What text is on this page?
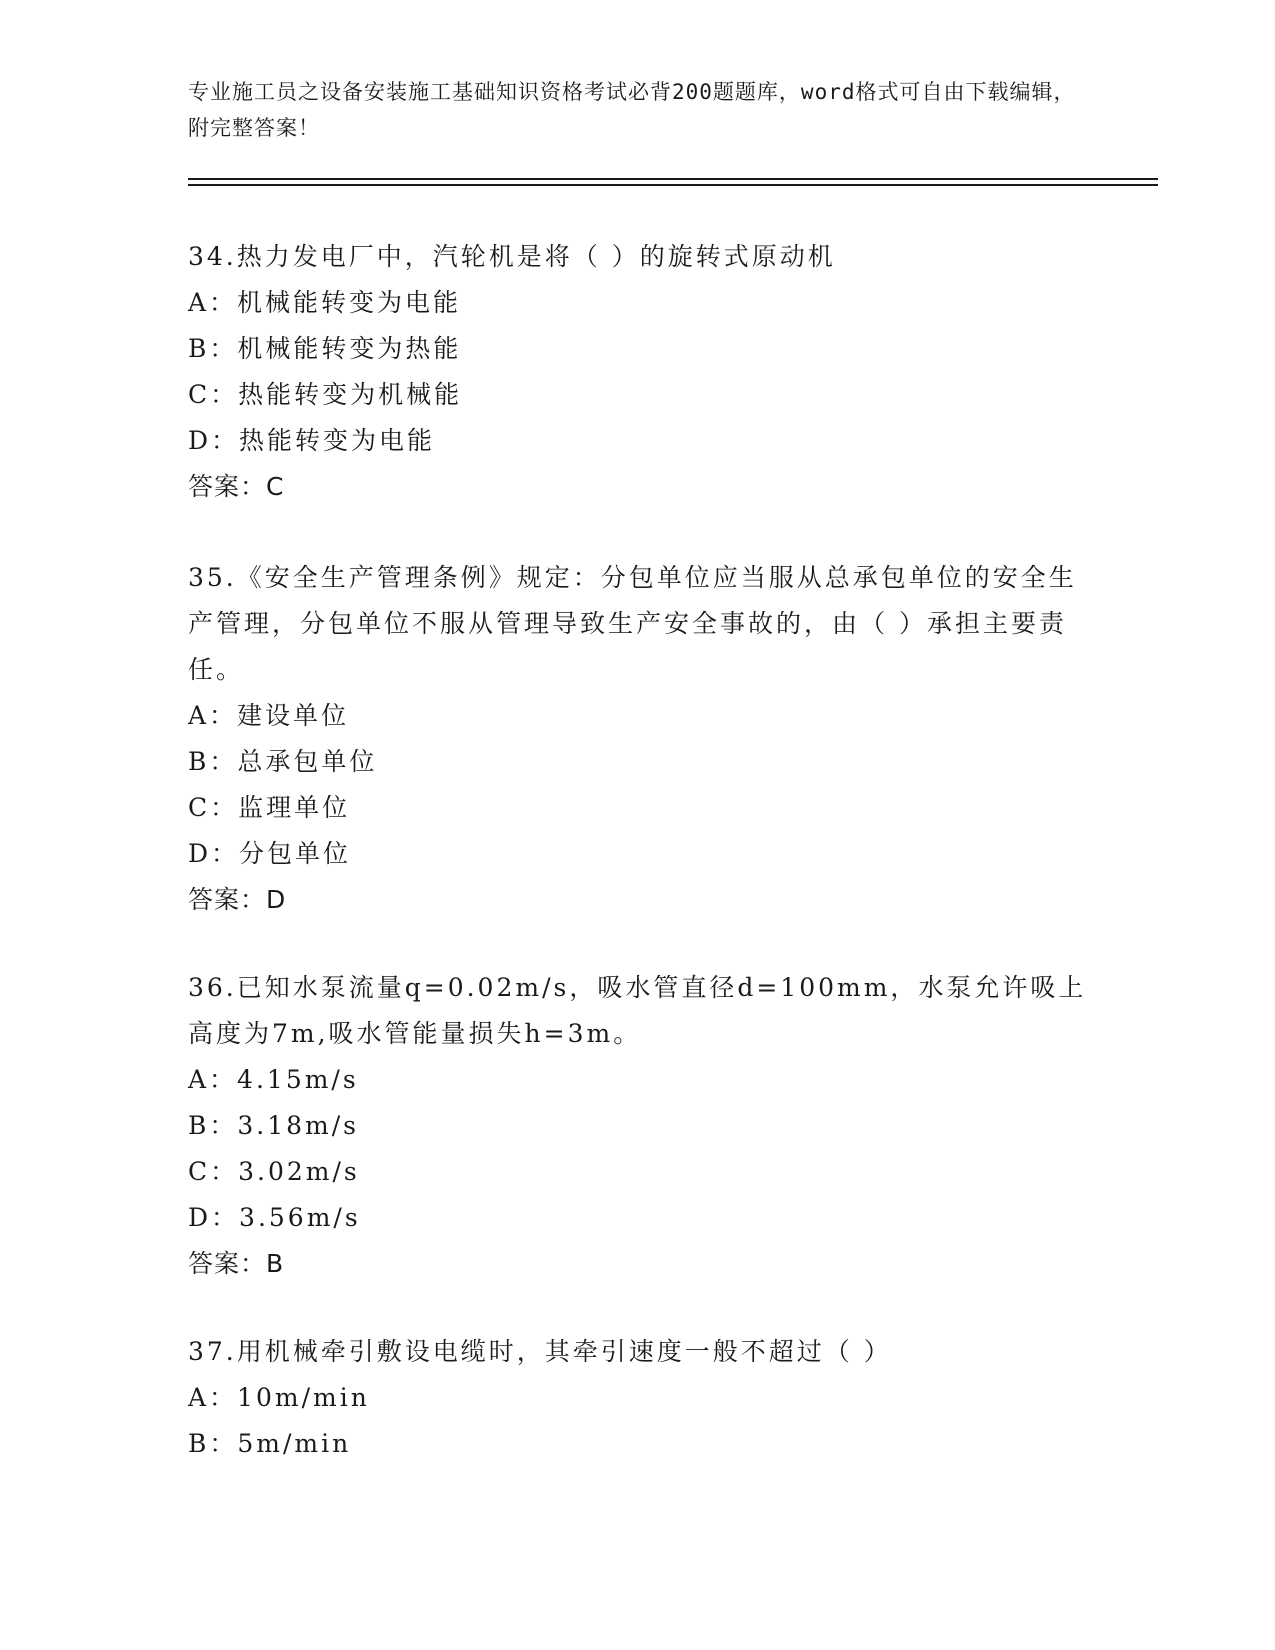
专业施工员之设备安装施工基础知识资格考试必背200题题库，word格式可自由下载编辑，附完整答案！
34.热力发电厂中，汽轮机是将（ ）的旋转式原动机
A：机械能转变为电能
B：机械能转变为热能
C：热能转变为机械能
D：热能转变为电能
答案：C
35.《安全生产管理条例》规定：分包单位应当服从总承包单位的安全生产管理，分包单位不服从管理导致生产安全事故的，由（ ）承担主要责任。
A：建设单位
B：总承包单位
C：监理单位
D：分包单位
答案：D
36.已知水泵流量q=0.02m/s，吸水管直径d=100mm，水泵允许吸上高度为7m,吸水管能量损失h=3m。
A：4.15m/s
B：3.18m/s
C：3.02m/s
D：3.56m/s
答案：B
37.用机械牵引敷设电缆时，其牵引速度一般不超过（ ）
A：10m/min
B：5m/min
